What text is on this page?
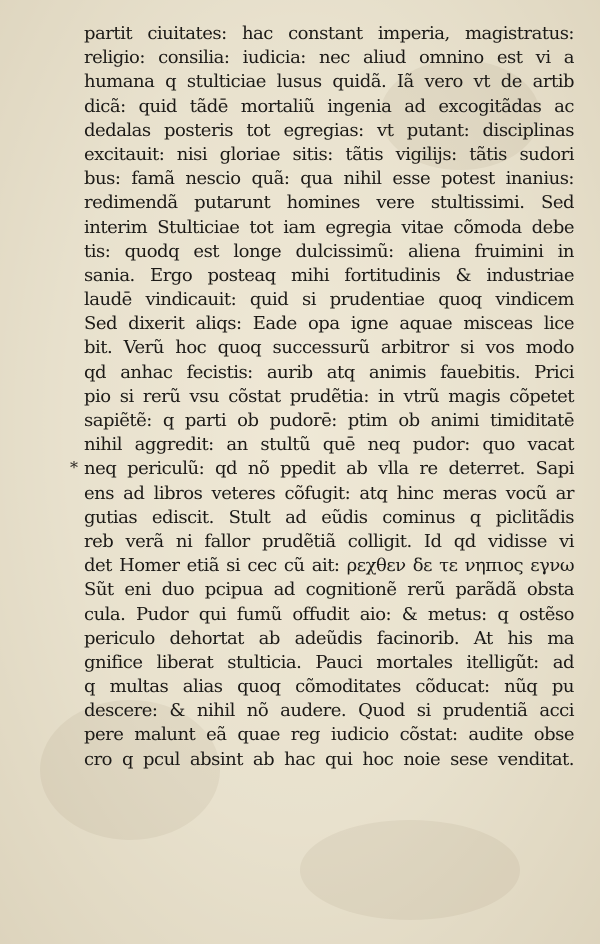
*
partit ciuitates: hac constant imperia, magistratus:
religio: consilia: iudicia: nec aliud omnino est vi a
humana q stulticiae lusus quidã. Iã vero vt de artib
dicã: quid tãdē mortaliũ ingenia ad excogitãdas ac
dedalas posteris tot egregias: vt putant: disciplinas
excitauit: nisi gloriae sitis: tãtis vigilijs: tãtis sudori
bus: famã nescio quã: qua nihil esse potest inanius:
redimendã putarunt homines vere stultissimi. Sed
interim Stulticiae tot iam egregia vitae cõmoda debe
tis: quodq est longe dulcissimũ: aliena fruimini in
sania. Ergo posteaq mihi fortitudinis & industriae
laudē vindicauit: quid si prudentiae quoq vindicem
Sed dixerit aliqs: Eade opa igne aquae misceas lice
bit. Verũ hoc quoq successurũ arbitror si vos modo
qd anhac fecistis: aurib atq animis fauebitis. Prici
pio si rerũ vsu cõstat prudẽtia: in vtrũ magis cõpetet
sapiẽtẽ: q parti ob pudorē: ptim ob animi timiditatē
nihil aggredit: an stultũ quē neq pudor: quo vacat
neq periculũ: qd nõ ppedit ab vlla re deterret. Sapi
ens ad libros veteres cõfugit: atq hinc meras vocũ ar
gutias ediscit. Stult ad eũdis cominus q piclitãdis
reb verã ni fallor prudẽtiã colligit. Id qd vidisse vi
det Homer etiã si cec cũ ait: ρεχθεν δε τε νηπιος εγνω
Sũt eni duo pcipua ad cognitionẽ rerũ parãdã obsta
cula. Pudor qui fumũ offudit aio: & metus: q ostẽso
periculo dehortat ab adeũdis facinorib. At his ma
gnifice liberat stulticia. Pauci mortales itelligũt: ad
q multas alias quoq cõmoditates cõducat: nũq pu
descere: & nihil nõ audere. Quod si prudentiã acci
pere malunt eã quae reg iudicio cõstat: audite obse
cro q pcul absint ab hac qui hoc noie sese venditat.
